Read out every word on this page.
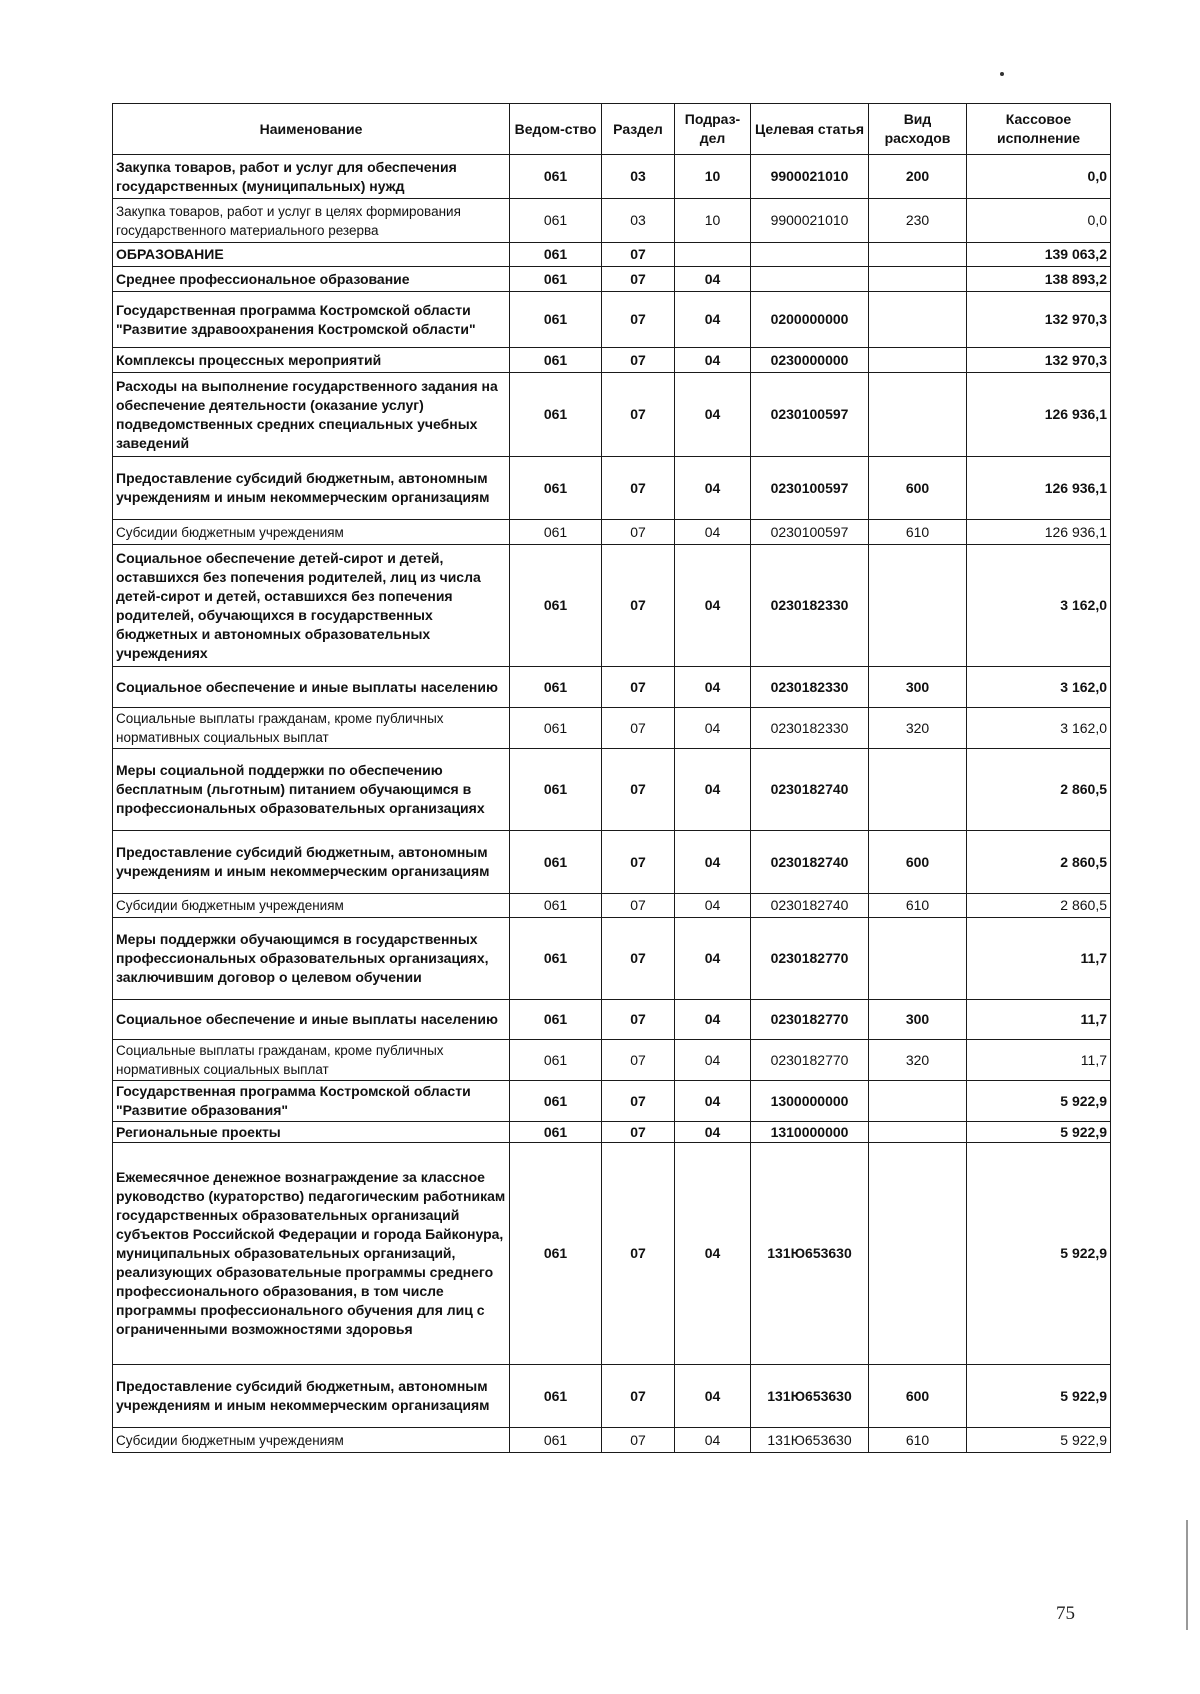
Наименование	Ведом-ство	Раздел	Подраз-дел	Целевая статья	Вид расходов	Кассовое исполнение
Закупка товаров, работ и услуг для обеспечения государственных (муниципальных) нужд	061	03	10	9900021010	200	0,0
Закупка товаров, работ и услуг в целях формирования государственного материального резерва	061	03	10	9900021010	230	0,0
ОБРАЗОВАНИЕ	061	07				139 063,2
Среднее профессиональное образование	061	07	04			138 893,2
Государственная программа Костромской области "Развитие здравоохранения Костромской области"	061	07	04	0200000000		132 970,3
Комплексы процессных мероприятий	061	07	04	0230000000		132 970,3
Расходы на выполнение государственного задания на обеспечение деятельности (оказание услуг) подведомственных средних специальных учебных заведений	061	07	04	0230100597		126 936,1
Предоставление субсидий бюджетным, автономным учреждениям и иным некоммерческим организациям	061	07	04	0230100597	600	126 936,1
Субсидии бюджетным учреждениям	061	07	04	0230100597	610	126 936,1
Социальное обеспечение детей-сирот и детей, оставшихся без попечения родителей, лиц из числа детей-сирот и детей, оставшихся без попечения родителей, обучающихся в государственных бюджетных и автономных образовательных учреждениях	061	07	04	0230182330		3 162,0
Социальное обеспечение и иные выплаты населению	061	07	04	0230182330	300	3 162,0
Социальные выплаты гражданам, кроме публичных нормативных социальных выплат	061	07	04	0230182330	320	3 162,0
Меры социальной поддержки по обеспечению бесплатным (льготным) питанием обучающимся в профессиональных образовательных организациях	061	07	04	0230182740		2 860,5
Предоставление субсидий бюджетным, автономным учреждениям и иным некоммерческим организациям	061	07	04	0230182740	600	2 860,5
Субсидии бюджетным учреждениям	061	07	04	0230182740	610	2 860,5
Меры поддержки обучающимся в государственных профессиональных образовательных организациях, заключившим договор о целевом обучении	061	07	04	0230182770		11,7
Социальное обеспечение и иные выплаты населению	061	07	04	0230182770	300	11,7
Социальные выплаты гражданам, кроме публичных нормативных социальных выплат	061	07	04	0230182770	320	11,7
Государственная программа Костромской области "Развитие образования"	061	07	04	1300000000		5 922,9
Региональные проекты	061	07	04	1310000000		5 922,9
Ежемесячное денежное вознаграждение за классное руководство (кураторство) педагогическим работникам государственных образовательных организаций субъектов Российской Федерации и города Байконура, муниципальных образовательных организаций, реализующих образовательные программы среднего профессионального образования, в том числе программы профессионального обучения для лиц с ограниченными возможностями здоровья	061	07	04	131Ю653630		5 922,9
Предоставление субсидий бюджетным, автономным учреждениям и иным некоммерческим организациям	061	07	04	131Ю653630	600	5 922,9
Субсидии бюджетным учреждениям	061	07	04	131Ю653630	610	5 922,9
75
